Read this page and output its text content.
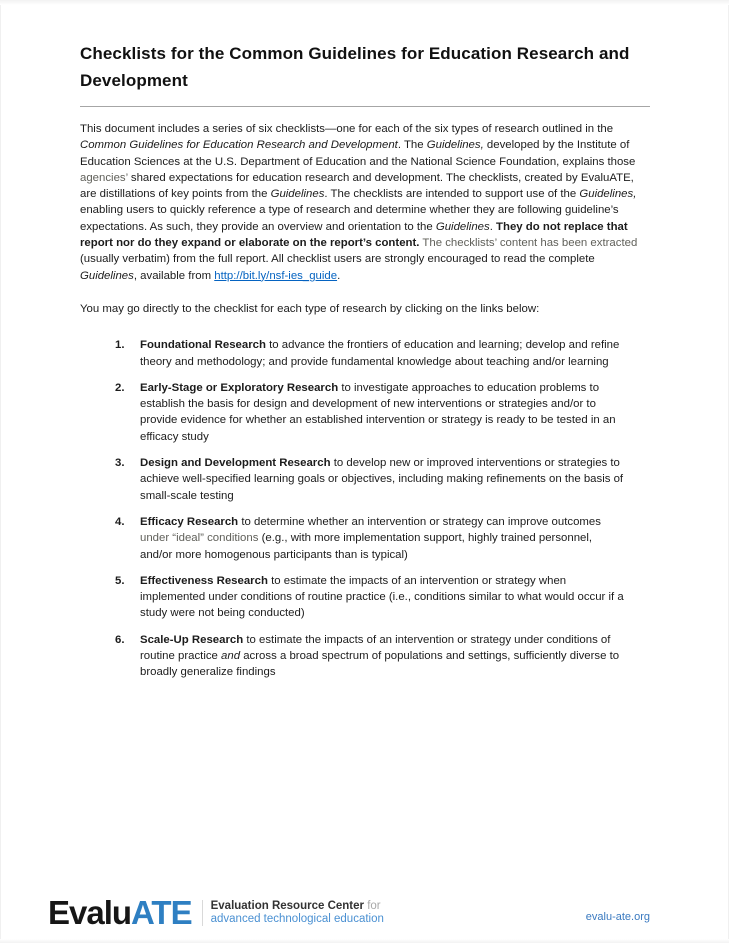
Checklists for the Common Guidelines for Education Research and Development

This document includes a series of six checklists—one for each of the six types of research outlined in the Common Guidelines for Education Research and Development. The Guidelines, developed by the Institute of Education Sciences at the U.S. Department of Education and the National Science Foundation, explains those agencies’ shared expectations for education research and development. The checklists, created by EvaluATE, are distillations of key points from the Guidelines. The checklists are intended to support use of the Guidelines, enabling users to quickly reference a type of research and determine whether they are following guideline’s expectations. As such, they provide an overview and orientation to the Guidelines. They do not replace that report nor do they expand or elaborate on the report’s content. The checklists’ content has been extracted (usually verbatim) from the full report. All checklist users are strongly encouraged to read the complete Guidelines, available from http://bit.ly/nsf-ies_guide.

You may go directly to the checklist for each type of research by clicking on the links below:

1.	Foundational Research to advance the frontiers of education and learning; develop and refine theory and methodology; and provide fundamental knowledge about teaching and/or learning
2.	Early-Stage or Exploratory Research to investigate approaches to education problems to establish the basis for design and development of new interventions or strategies and/or to provide evidence for whether an established intervention or strategy is ready to be tested in an efficacy study
3.	Design and Development Research to develop new or improved interventions or strategies to achieve well-specified learning goals or objectives, including making refinements on the basis of small-scale testing
4.	Efficacy Research to determine whether an intervention or strategy can improve outcomes under “ideal” conditions (e.g., with more implementation support, highly trained personnel, and/or more homogenous participants than is typical)
5.	Effectiveness Research to estimate the impacts of an intervention or strategy when implemented under conditions of routine practice (i.e., conditions similar to what would occur if a study were not being conducted)
6.	Scale-Up Research to estimate the impacts of an intervention or strategy under conditions of routine practice and across a broad spectrum of populations and settings, sufficiently diverse to broadly generalize findings
EvaluATE Evaluation Resource Center for
advanced technological education	evalu-ate.org
